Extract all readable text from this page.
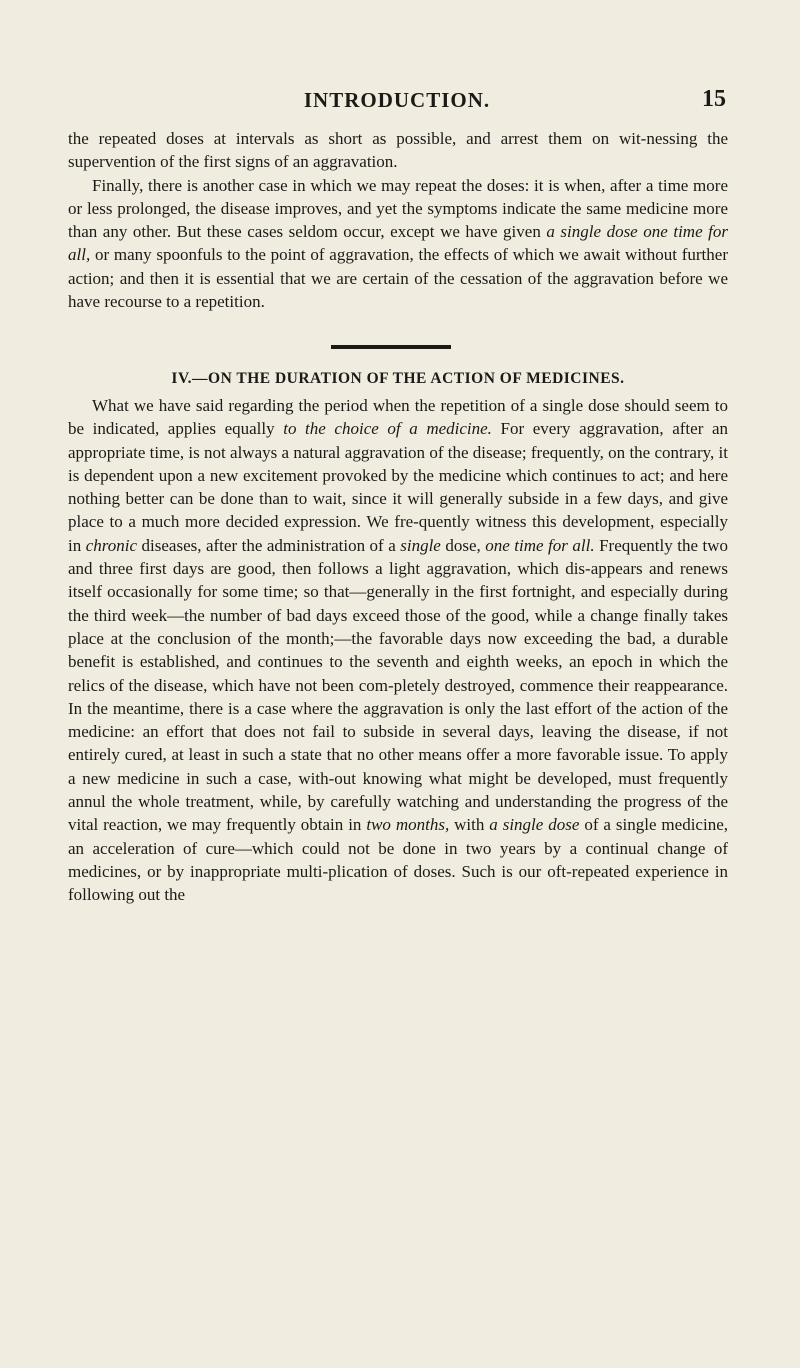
INTRODUCTION.	15

the repeated doses at intervals as short as possible, and arrest them on wit-nessing the supervention of the first signs of an aggravation.

Finally, there is another case in which we may repeat the doses: it is when, after a time more or less prolonged, the disease improves, and yet the symptoms indicate the same medicine more than any other. But these cases seldom occur, except we have given a single dose one time for all, or many spoonfuls to the point of aggravation, the effects of which we await without further action; and then it is essential that we are certain of the cessation of the aggravation before we have recourse to a repetition.

IV.—ON THE DURATION OF THE ACTION OF MEDICINES.

What we have said regarding the period when the repetition of a single dose should seem to be indicated, applies equally to the choice of a medicine. For every aggravation, after an appropriate time, is not always a natural aggravation of the disease; frequently, on the contrary, it is dependent upon a new excitement provoked by the medicine which continues to act; and here nothing better can be done than to wait, since it will generally subside in a few days, and give place to a much more decided expression. We fre-quently witness this development, especially in chronic diseases, after the administration of a single dose, one time for all. Frequently the two and three first days are good, then follows a light aggravation, which dis-appears and renews itself occasionally for some time; so that—generally in the first fortnight, and especially during the third week—the number of bad days exceed those of the good, while a change finally takes place at the conclusion of the month;—the favorable days now exceeding the bad, a durable benefit is established, and continues to the seventh and eighth weeks, an epoch in which the relics of the disease, which have not been com-pletely destroyed, commence their reappearance. In the meantime, there is a case where the aggravation is only the last effort of the action of the medicine: an effort that does not fail to subside in several days, leaving the disease, if not entirely cured, at least in such a state that no other means offer a more favorable issue. To apply a new medicine in such a case, with-out knowing what might be developed, must frequently annul the whole treatment, while, by carefully watching and understanding the progress of the vital reaction, we may frequently obtain in two months, with a single dose of a single medicine, an acceleration of cure—which could not be done in two years by a continual change of medicines, or by inappropriate multi-plication of doses. Such is our oft-repeated experience in following out the
